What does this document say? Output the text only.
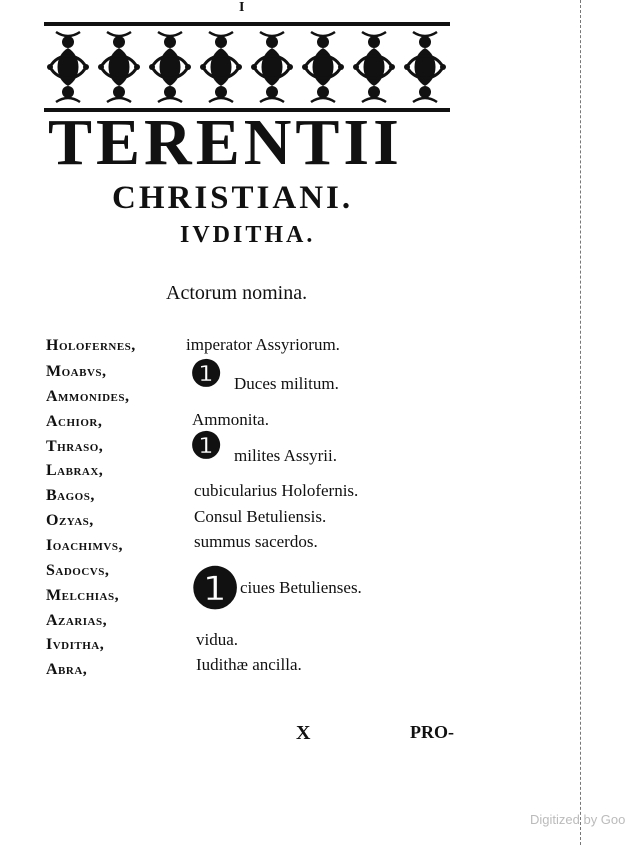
I
TERENTII
CHRISTIANI.
IVDITHA.
Actorum nomina.
Holofernes,
Moabvs,
Ammonides,
Achior,
Thraso,
Labrax,
Bagos,
Ozyas,
Ioachimvs,
Sadocvs,
Melchias,
Azarias,
Ivditha,
Abra,
imperator Assyriorum.
❶ Duces militum.
Ammonita.
❶ milites Assyrii.
cubicularius Holofernis.
Consul Betuliensis.
summus sacerdos.
❶ ciues Betulienses.
vidua.
Iudithæ ancilla.
X	PRO-
Digitized by Goo
